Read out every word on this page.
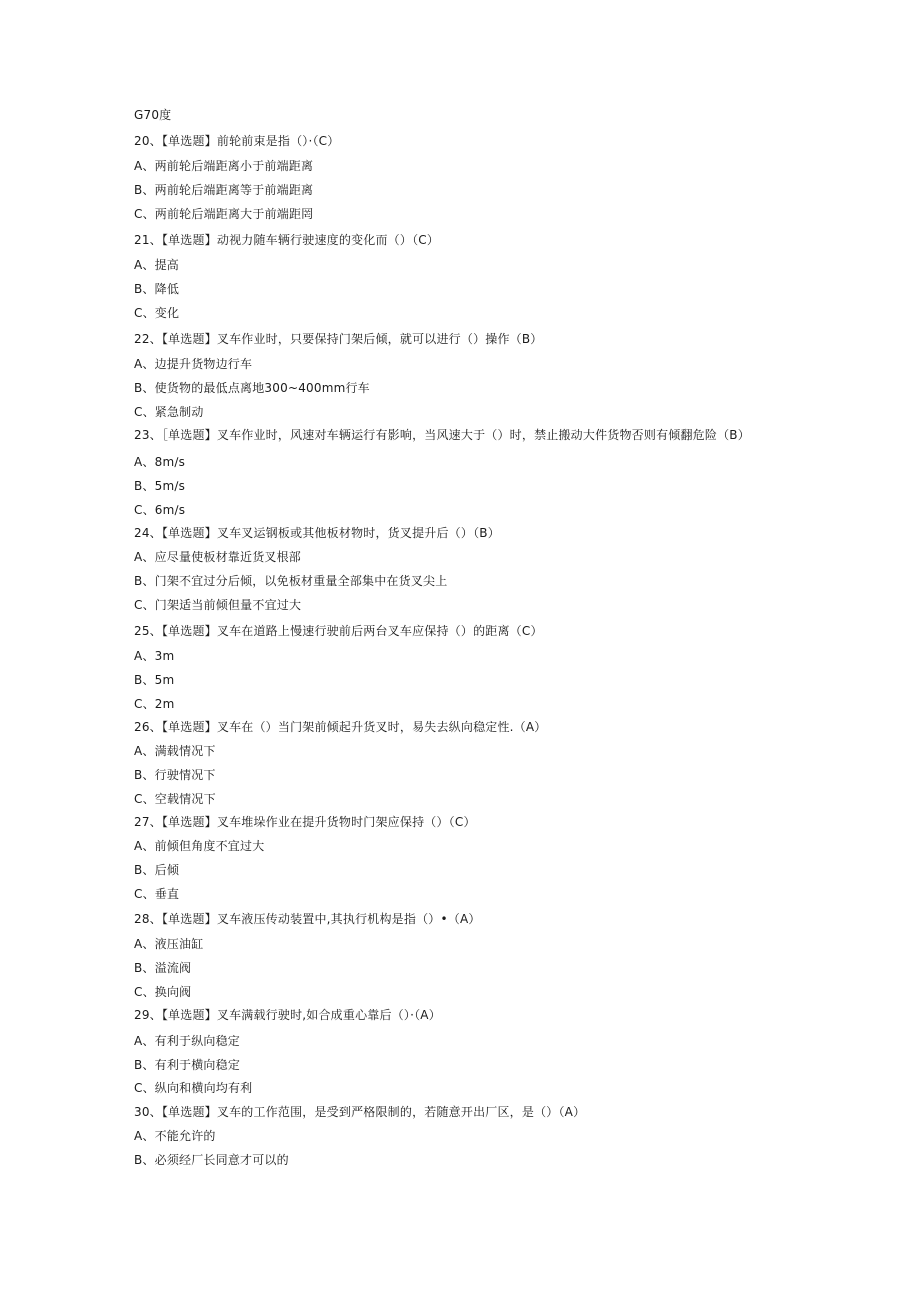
G70度
20、【单选题】前轮前束是指（）·（C）
A、两前轮后端距离小于前端距离
B、两前轮后端距离等于前端距离
C、两前轮后端距离大于前端距罔
21、【单选题】动视力随车辆行驶速度的变化而（）（C）
A、提高
B、降低
C、变化
22、【单选题】叉车作业时，只要保持门架后倾，就可以进行（）操作（B）
A、边提升货物边行车
B、使货物的最低点离地300~400mm行车
C、紧急制动
23、［单选题】叉车作业时，风速对车辆运行有影响，当风速大于（）时，禁止搬动大件货物否则有倾翻危险（B）
A、8m∕s
B、5m∕s
C、6m∕s
24、【单选题】叉车叉运钢板或其他板材物时，货叉提升后（）（B）
A、应尽量使板材靠近货叉根部
B、门架不宜过分后倾，以免板材重量全部集中在货叉尖上
C、门架适当前倾但量不宜过大
25、【单选题】叉车在道路上慢速行驶前后两台叉车应保持（）的距离（C）
A、3m
B、5m
C、2m
26、【单选题】叉车在（）当门架前倾起升货叉时，易失去纵向稳定性.（A）
A、满载情况下
B、行驶情况下
C、空载情况下
27、【单选题】叉车堆垛作业在提升货物时门架应保持（）（C）
A、前倾但角度不宜过大
B、后倾
C、垂直
28、【单选题】叉车液压传动装置中,其执行机构是指（）•（A）
A、液压油缸
B、溢流阀
C、换向阀
29、【单选题】叉车满载行驶时,如合成重心靠后（）·（A）
A、有利于纵向稳定
B、有利于横向稳定
C、纵向和横向均有利
30、【单选题】叉车的工作范围，是受到严格限制的，若随意开出厂区，是（）（A）
A、不能允许的
B、必须经厂长同意才可以的
